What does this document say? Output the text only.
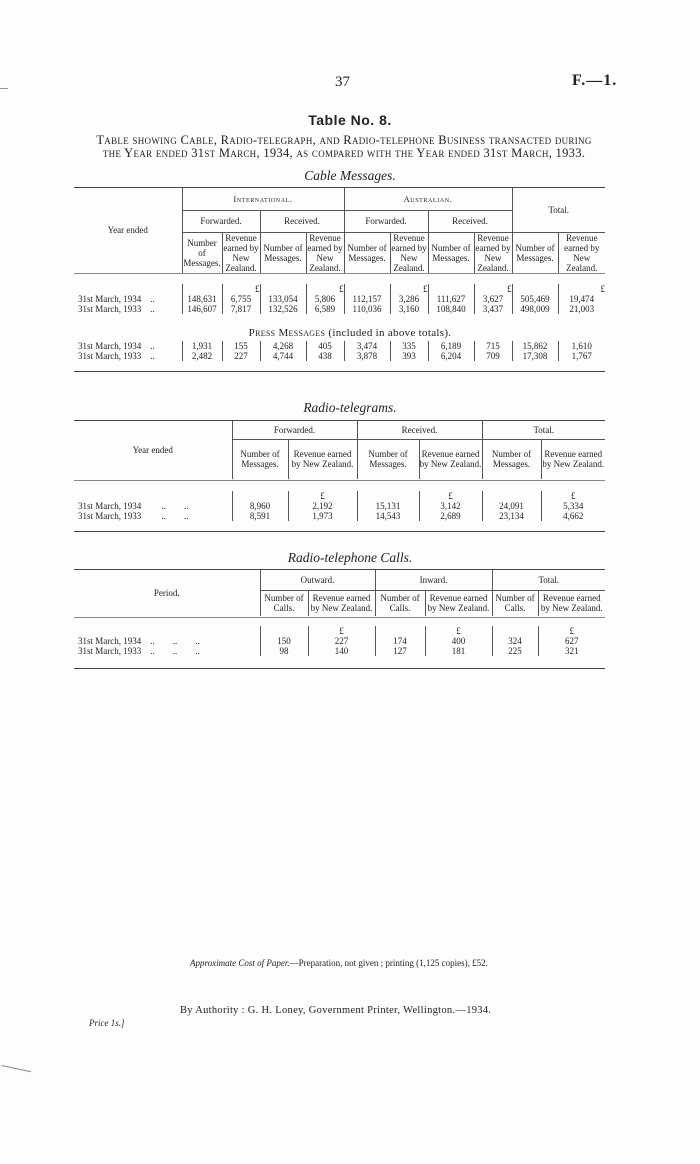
37	F.—1.
Table No. 8.
Table showing Cable, Radio-telegraph, and Radio-telephone Business transacted during
the Year ended 31st March, 1934, as compared with the Year ended 31st March, 1933.
Cable Messages.
Year ended	International.				Australian.				Total.	
	Forwarded.		Received.		Forwarded.		Received.			
	Number of Messages.	Revenue earned by New Zealand.	Number of Messages.	Revenue earned by New Zealand.	Number of Messages.	Revenue earned by New Zealand.	Number of Messages.	Revenue earned by New Zealand.	Number of Messages.	Revenue earned by New Zealand.
		£		£		£		£		£
31st March, 1934    ..	148,631	6,755	133,054	5,806	112,157	3,286	111,627	3,627	505,469	19,474
31st March, 1933    ..	146,607	7,817	132,526	6,589	110,036	3,160	108,840	3,437	498,009	21,003
Press Messages (included in above totals).
31st March, 1934    ..	1,931	155	4,268	405	3,474	335	6,189	715	15,862	1,610
31st March, 1933    ..	2,482	227	4,744	438	3,878	393	6,204	709	17,308	1,767
Radio-telegrams.
Year ended	Forwarded.		Received.		Total.	
	Number of Messages.	Revenue earned by New Zealand.	Number of Messages.	Revenue earned by New Zealand.	Number of Messages.	Revenue earned by New Zealand.
		£		£		£
31st March, 1934         ..        ..	8,960	2,192	15,131	3,142	24,091	5,334
31st March, 1933         ..        ..	8,591	1,973	14,543	2,689	23,134	4,662
Radio-telephone Calls.
Period.	Outward.		Inward.		Total.	
	Number of Calls.	Revenue earned by New Zealand.	Number of Calls.	Revenue earned by New Zealand.	Number of Calls.	Revenue earned by New Zealand.
		£		£		£
31st March, 1934    ..        ..        ..	150	227	174	400	324	627
31st March, 1933    ..        ..        ..	98	140	127	181	225	321
Approximate Cost of Paper.—Preparation, not given ; printing (1,125 copies), £52.
By Authority : G. H. Loney, Government Printer, Wellington.—1934.
Price 1s.]
